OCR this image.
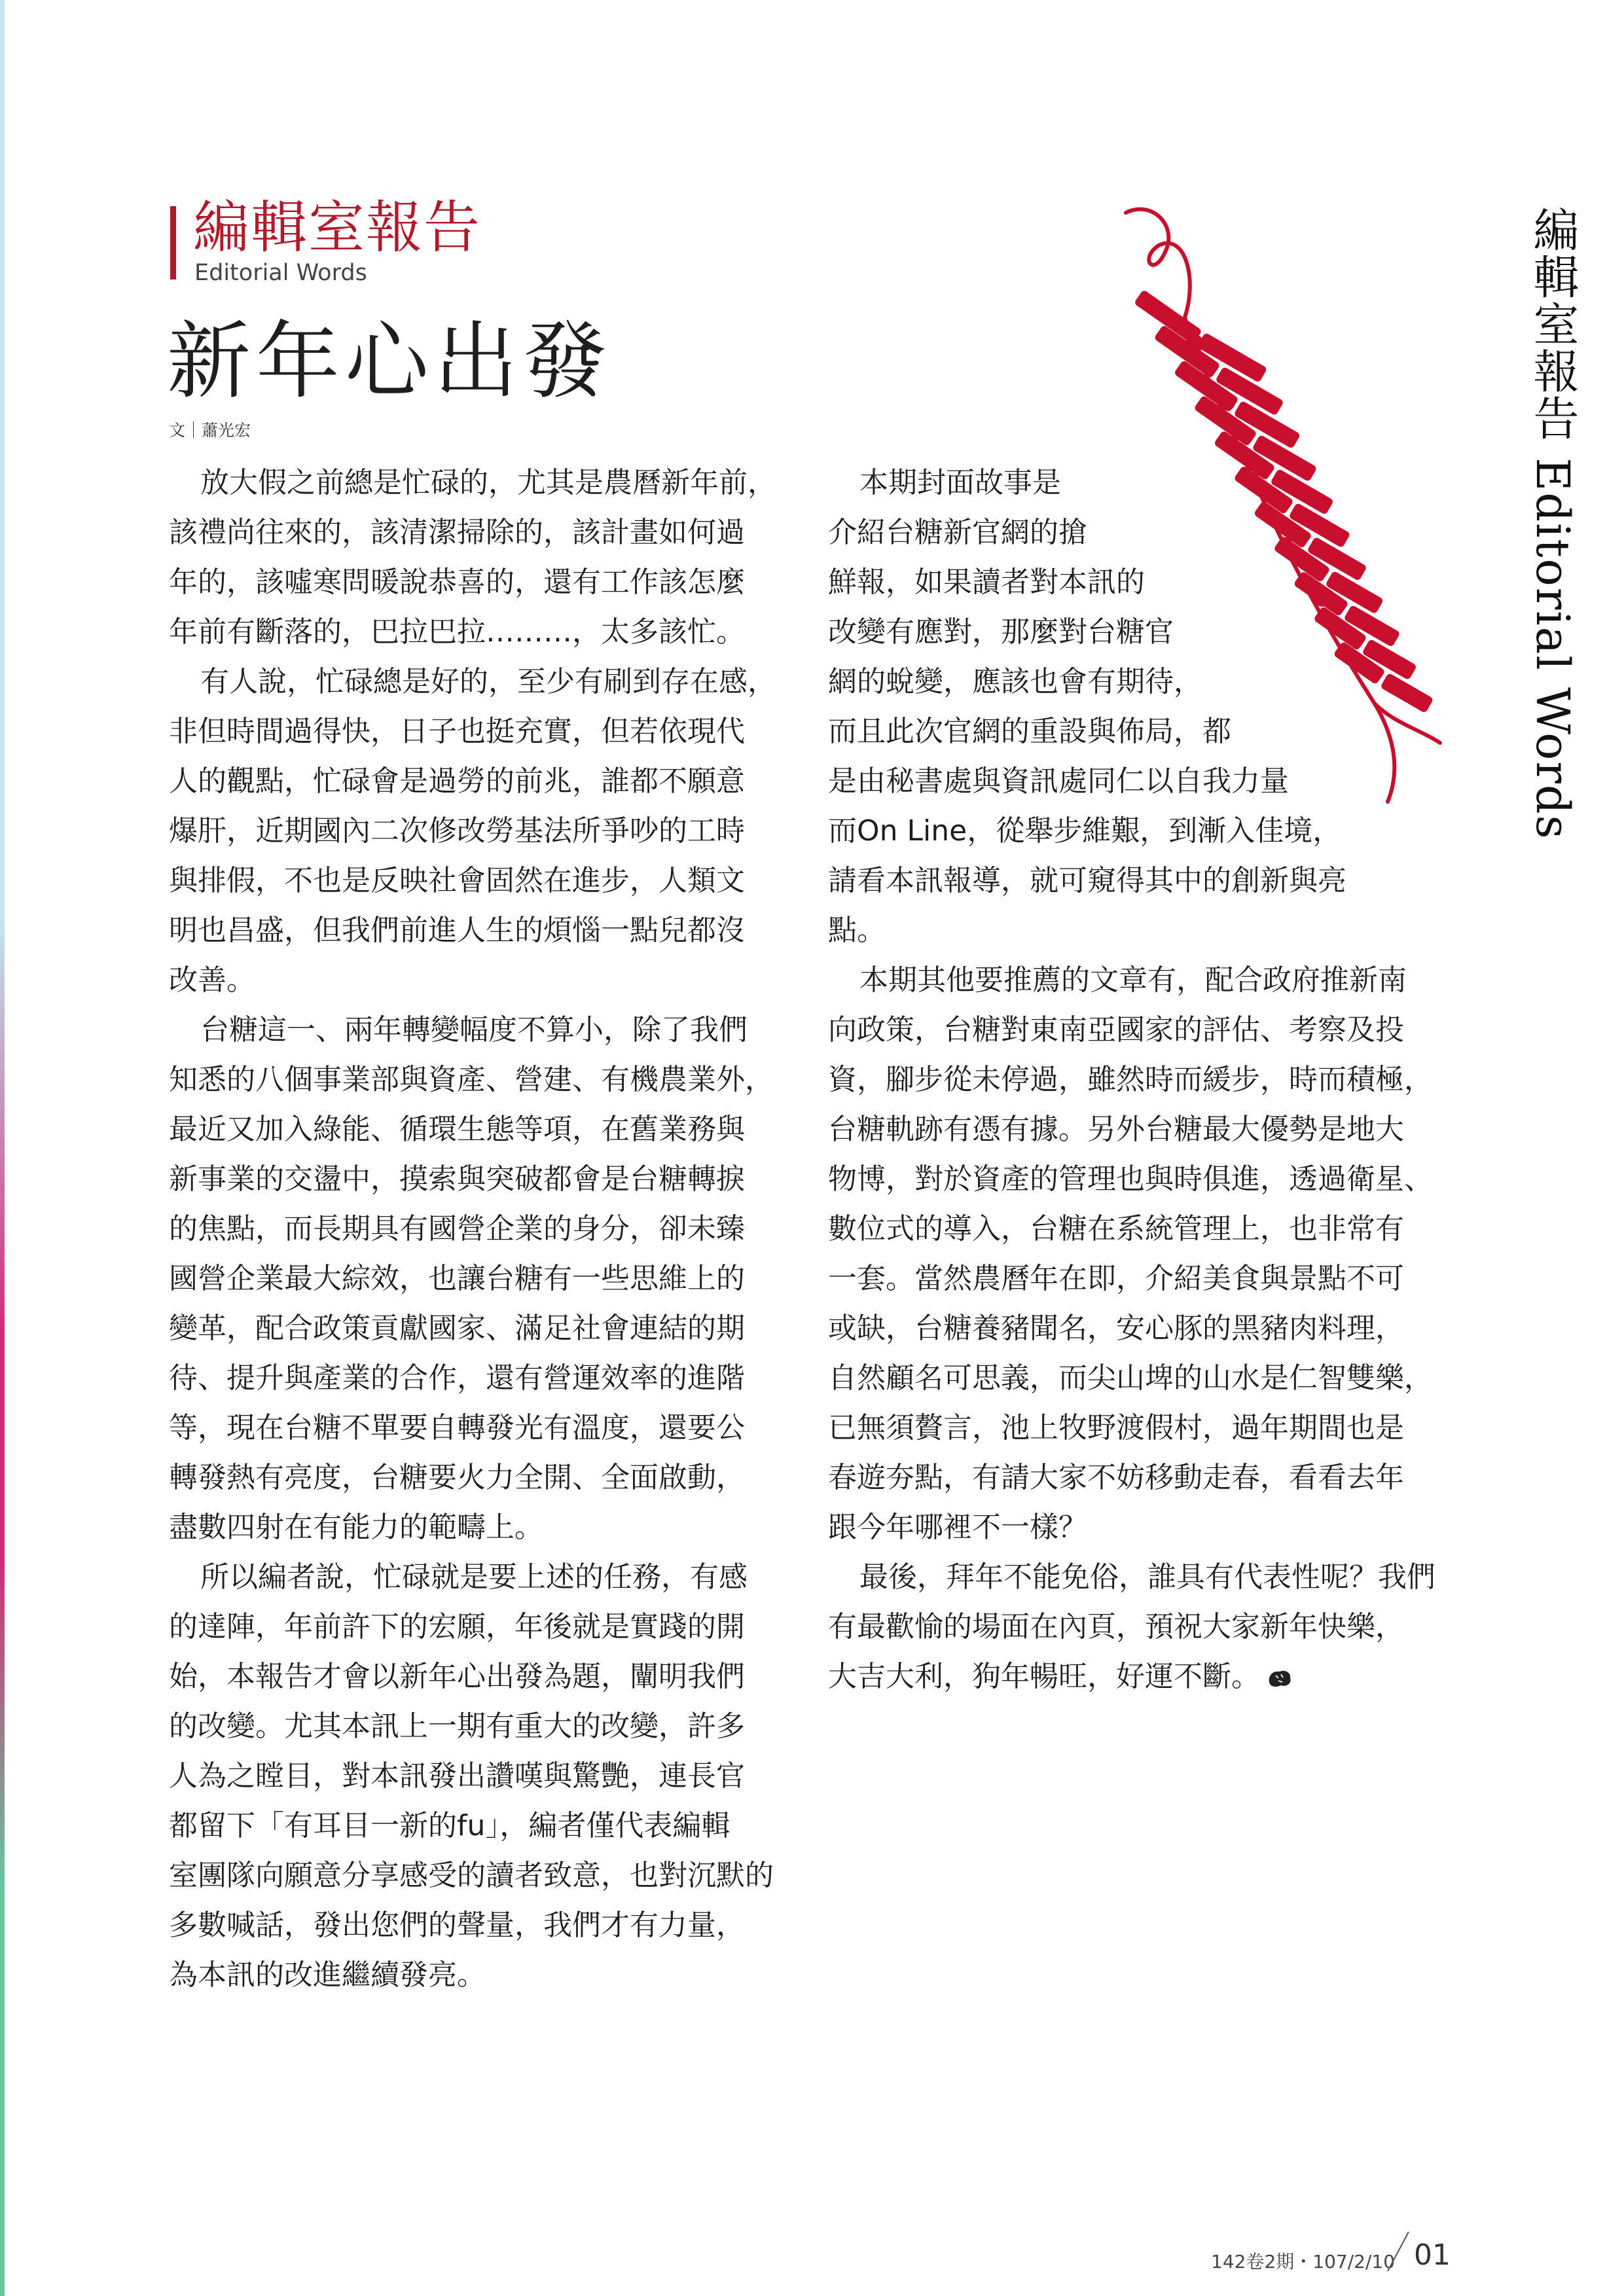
編輯室報告
Editorial Words
新年心出發
文｜蕭光宏

放大假之前總是忙碌的，尤其是農曆新年前，

該禮尚往來的，該清潔掃除的，該計畫如何過

年的，該噓寒問暖說恭喜的，還有工作該怎麼

年前有斷落的，巴拉巴拉………，太多該忙。

有人說，忙碌總是好的，至少有刷到存在感，

非但時間過得快，日子也挺充實，但若依現代

人的觀點，忙碌會是過勞的前兆，誰都不願意

爆肝，近期國內二次修改勞基法所爭吵的工時

與排假，不也是反映社會固然在進步，人類文

明也昌盛，但我們前進人生的煩惱一點兒都沒

改善。

台糖這一、兩年轉變幅度不算小，除了我們

知悉的八個事業部與資產、營建、有機農業外，

最近又加入綠能、循環生態等項，在舊業務與

新事業的交盪中，摸索與突破都會是台糖轉捩

的焦點，而長期具有國營企業的身分，卻未臻

國營企業最大綜效，也讓台糖有一些思維上的

變革，配合政策貢獻國家、滿足社會連結的期

待、提升與產業的合作，還有營運效率的進階

等，現在台糖不單要自轉發光有溫度，還要公

轉發熱有亮度，台糖要火力全開、全面啟動，

盡數四射在有能力的範疇上。

所以編者說，忙碌就是要上述的任務，有感

的達陣，年前許下的宏願，年後就是實踐的開

始，本報告才會以新年心出發為題，闡明我們

的改變。尤其本訊上一期有重大的改變，許多

人為之瞠目，對本訊發出讚嘆與驚艷，連長官

都留下「有耳目一新的fu」，編者僅代表編輯

室團隊向願意分享感受的讀者致意，也對沉默的

多數喊話，發出您們的聲量，我們才有力量，

為本訊的改進繼續發亮。

本期封面故事是

介紹台糖新官網的搶

鮮報，如果讀者對本訊的

改變有應對，那麼對台糖官

網的蛻變，應該也會有期待，

而且此次官網的重設與佈局，都

是由秘書處與資訊處同仁以自我力量

而On Line，從舉步維艱，到漸入佳境，

請看本訊報導，就可窺得其中的創新與亮

點。

本期其他要推薦的文章有，配合政府推新南

向政策，台糖對東南亞國家的評估、考察及投

資，腳步從未停過，雖然時而緩步，時而積極，

台糖軌跡有憑有據。另外台糖最大優勢是地大

物博，對於資產的管理也與時俱進，透過衛星、

數位式的導入，台糖在系統管理上，也非常有

一套。當然農曆年在即，介紹美食與景點不可

或缺，台糖養豬聞名，安心豚的黑豬肉料理，

自然顧名可思義，而尖山埤的山水是仁智雙樂，

已無須贅言，池上牧野渡假村，過年期間也是

春遊夯點，有請大家不妨移動走春，看看去年

跟今年哪裡不一樣？

最後，拜年不能免俗，誰具有代表性呢？我們

有最歡愉的場面在內頁，預祝大家新年快樂，

大吉大利，狗年暢旺，好運不斷。

編輯室報告 Editorial Words
142卷2期・107/2/10 01
